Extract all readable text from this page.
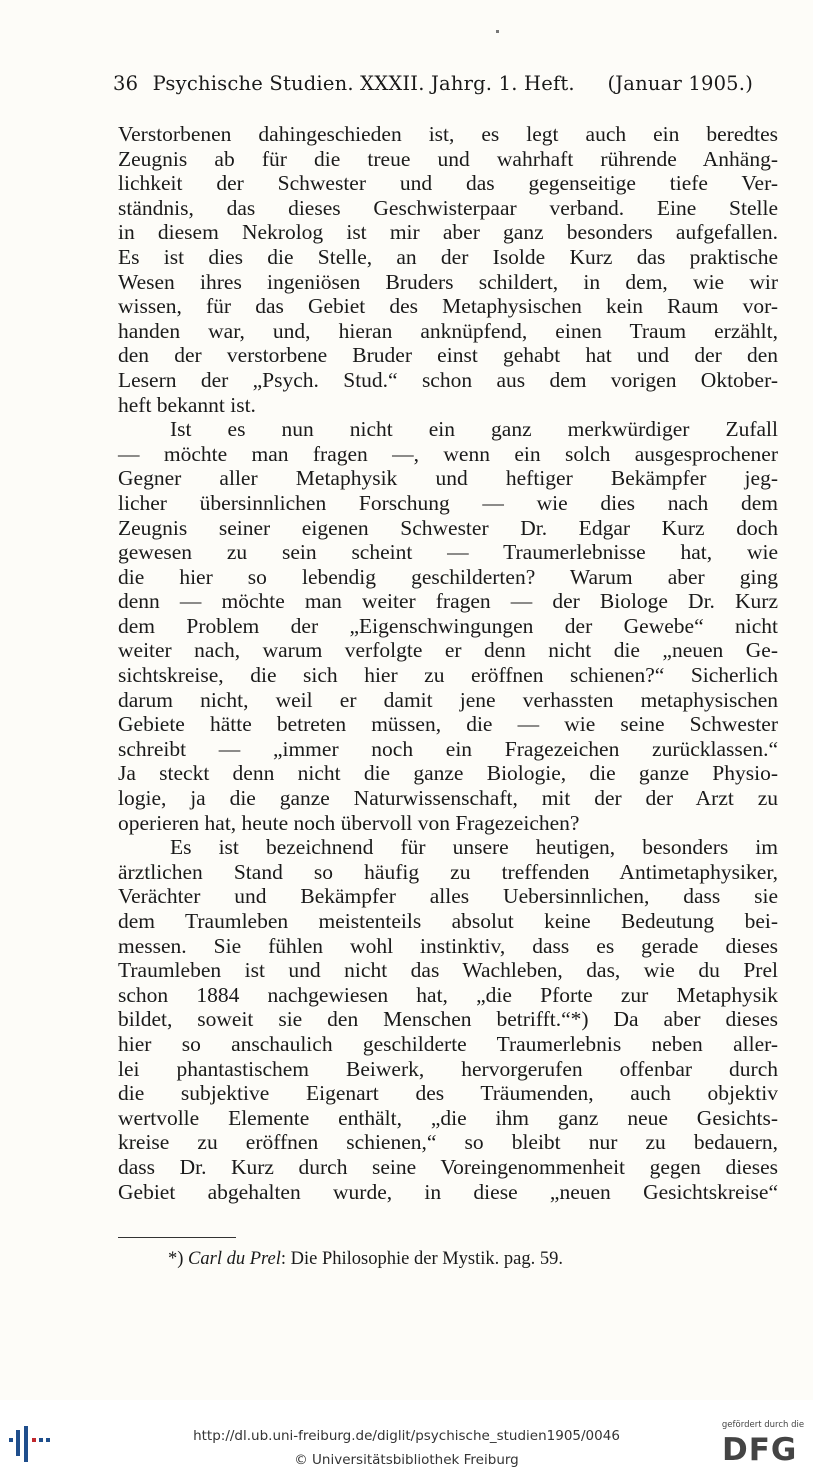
36 Psychische Studien. XXXII. Jahrg. 1. Heft. (Januar 1905.)
Verstorbenen dahingeschieden ist, es legt auch ein beredtes
Zeugnis ab für die treue und wahrhaft rührende Anhäng-
lichkeit der Schwester und das gegenseitige tiefe Ver-
ständnis, das dieses Geschwisterpaar verband. Eine Stelle
in diesem Nekrolog ist mir aber ganz besonders aufgefallen.
Es ist dies die Stelle, an der Isolde Kurz das praktische
Wesen ihres ingeniösen Bruders schildert, in dem, wie wir
wissen, für das Gebiet des Metaphysischen kein Raum vor-
handen war, und, hieran anknüpfend, einen Traum erzählt,
den der verstorbene Bruder einst gehabt hat und der den
Lesern der „Psych. Stud.“ schon aus dem vorigen Oktober-
heft bekannt ist.
Ist es nun nicht ein ganz merkwürdiger Zufall
— möchte man fragen —, wenn ein solch ausgesprochener
Gegner aller Metaphysik und heftiger Bekämpfer jeg-
licher übersinnlichen Forschung — wie dies nach dem
Zeugnis seiner eigenen Schwester Dr. Edgar Kurz doch
gewesen zu sein scheint — Traumerlebnisse hat, wie
die hier so lebendig geschilderten? Warum aber ging
denn — möchte man weiter fragen — der Biologe Dr. Kurz
dem Problem der „Eigenschwingungen der Gewebe“ nicht
weiter nach, warum verfolgte er denn nicht die „neuen Ge-
sichtskreise, die sich hier zu eröffnen schienen?“ Sicherlich
darum nicht, weil er damit jene verhassten metaphysischen
Gebiete hätte betreten müssen, die — wie seine Schwester
schreibt — „immer noch ein Fragezeichen zurücklassen.“
Ja steckt denn nicht die ganze Biologie, die ganze Physio-
logie, ja die ganze Naturwissenschaft, mit der der Arzt zu
operieren hat, heute noch übervoll von Fragezeichen?
Es ist bezeichnend für unsere heutigen, besonders im
ärztlichen Stand so häufig zu treffenden Antimetaphysiker,
Verächter und Bekämpfer alles Uebersinnlichen, dass sie
dem Traumleben meistenteils absolut keine Bedeutung bei-
messen. Sie fühlen wohl instinktiv, dass es gerade dieses
Traumleben ist und nicht das Wachleben, das, wie du Prel
schon 1884 nachgewiesen hat, „die Pforte zur Metaphysik
bildet, soweit sie den Menschen betrifft.“*) Da aber dieses
hier so anschaulich geschilderte Traumerlebnis neben aller-
lei phantastischem Beiwerk, hervorgerufen offenbar durch
die subjektive Eigenart des Träumenden, auch objektiv
wertvolle Elemente enthält, „die ihm ganz neue Gesichts-
kreise zu eröffnen schienen,“ so bleibt nur zu bedauern,
dass Dr. Kurz durch seine Voreingenommenheit gegen dieses
Gebiet abgehalten wurde, in diese „neuen Gesichtskreise“
*) Carl du Prel: Die Philosophie der Mystik. pag. 59.
http://dl.ub.uni-freiburg.de/diglit/psychische_studien1905/0046
© Universitätsbibliothek Freiburg
gefördert durch die
DFG
